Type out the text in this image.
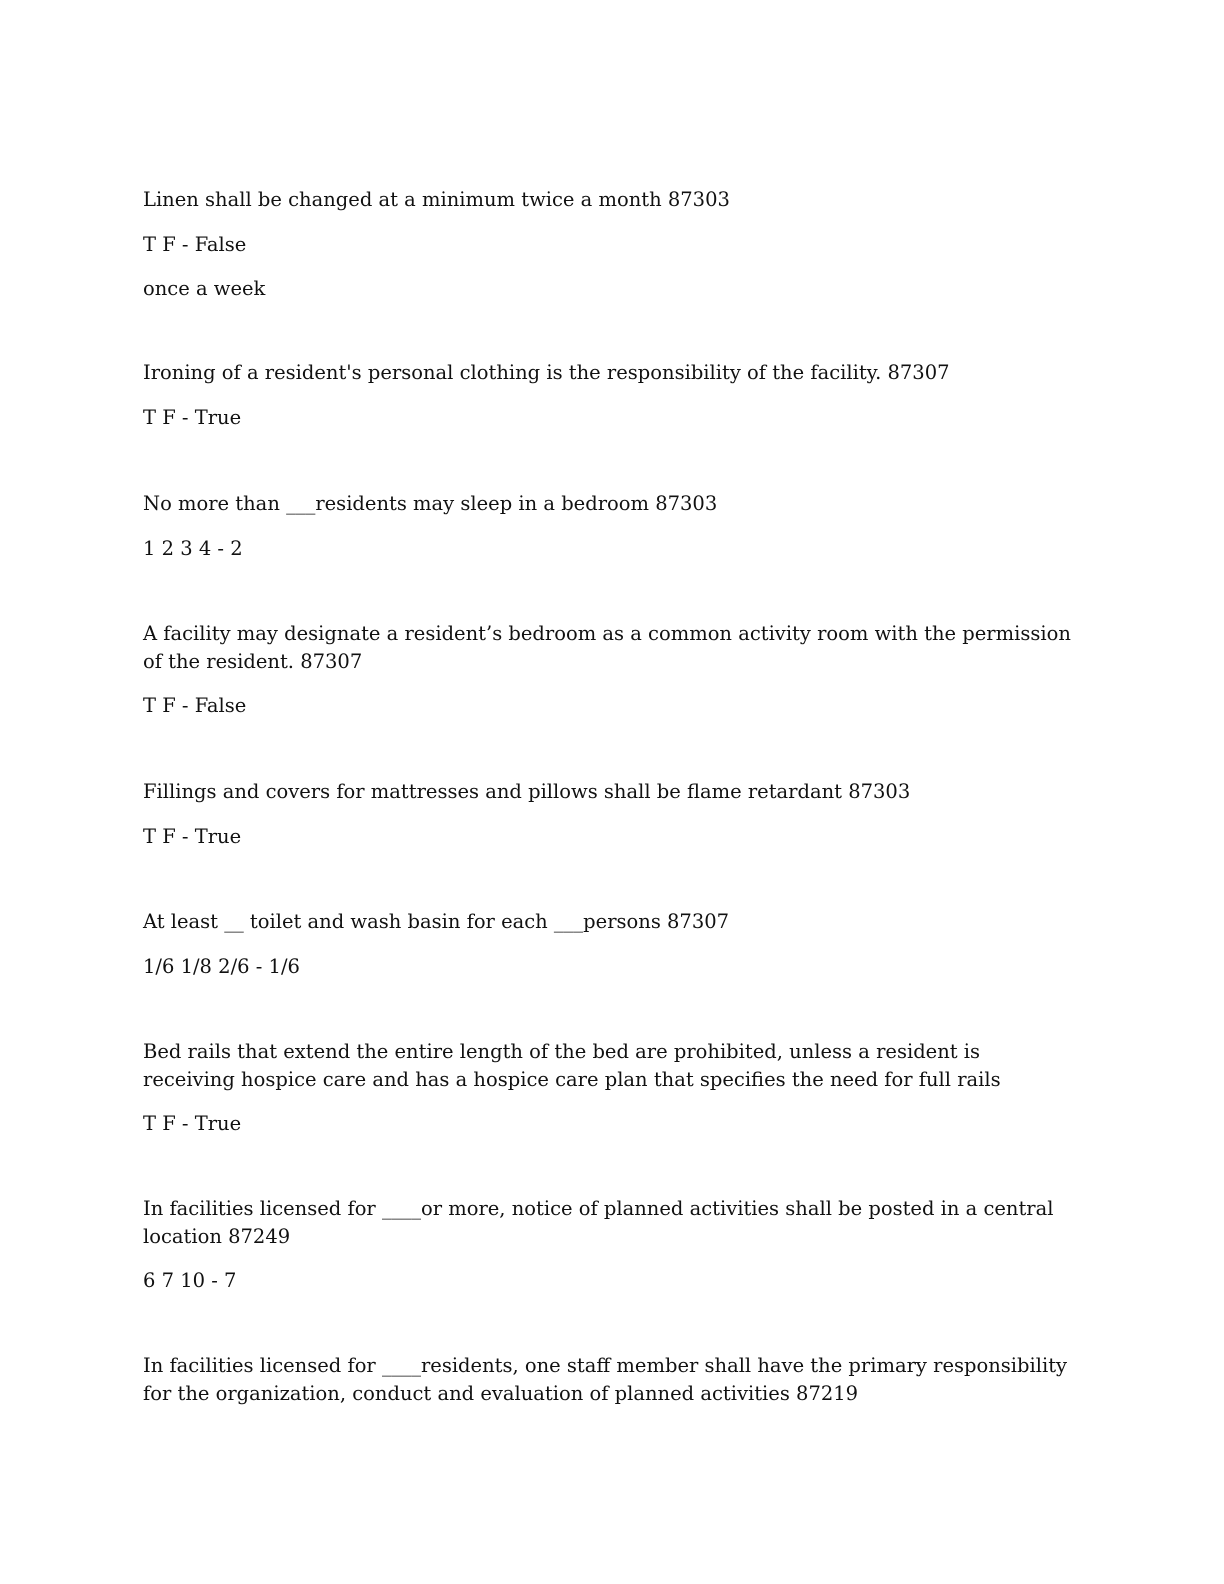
Linen shall be changed at a minimum twice a month 87303

T F - False

once a week

Ironing of a resident's personal clothing is the responsibility of the facility. 87307

T F - True

No more than ___residents may sleep in a bedroom 87303

1 2 3 4 - 2

A facility may designate a resident’s bedroom as a common activity room with the permission of the resident. 87307

T F - False

Fillings and covers for mattresses and pillows shall be flame retardant 87303

T F - True

At least __ toilet and wash basin for each ___persons 87307

1/6 1/8 2/6 - 1/6

Bed rails that extend the entire length of the bed are prohibited, unless a resident is receiving hospice care and has a hospice care plan that specifies the need for full rails

T F - True

In facilities licensed for ____or more, notice of planned activities shall be posted in a central location 87249

6 7 10 - 7

In facilities licensed for ____residents, one staff member shall have the primary responsibility for the organization, conduct and evaluation of planned activities 87219
